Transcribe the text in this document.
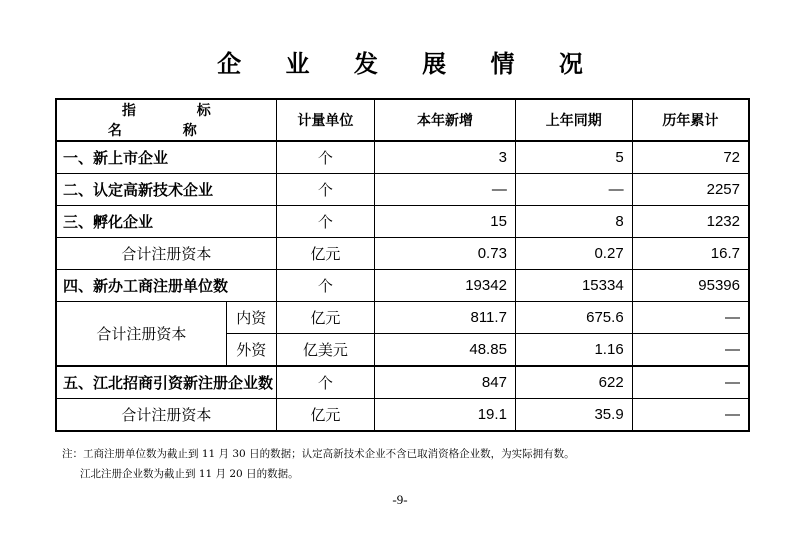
企 业 发 展 情 况
指 标 名 称		计量单位	本年新增	上年同期	历年累计
一、新上市企业		个	3	5	72
二、认定高新技术企业		个	—	—	2257
三、孵化企业		个	15	8	1232
合计注册资本		亿元	0.73	0.27	16.7
四、新办工商注册单位数		个	19342	15334	95396
合计注册资本	内资	亿元	811.7	675.6	—
	外资	亿美元	48.85	1.16	—
五、江北招商引资新注册企业数		个	847	622	—
合计注册资本		亿元	19.1	35.9	—
注：工商注册单位数为截止到 11 月 30 日的数据；认定高新技术企业不含已取消资格企业数，为实际拥有数。
江北注册企业数为截止到 11 月 20 日的数据。
-9-
